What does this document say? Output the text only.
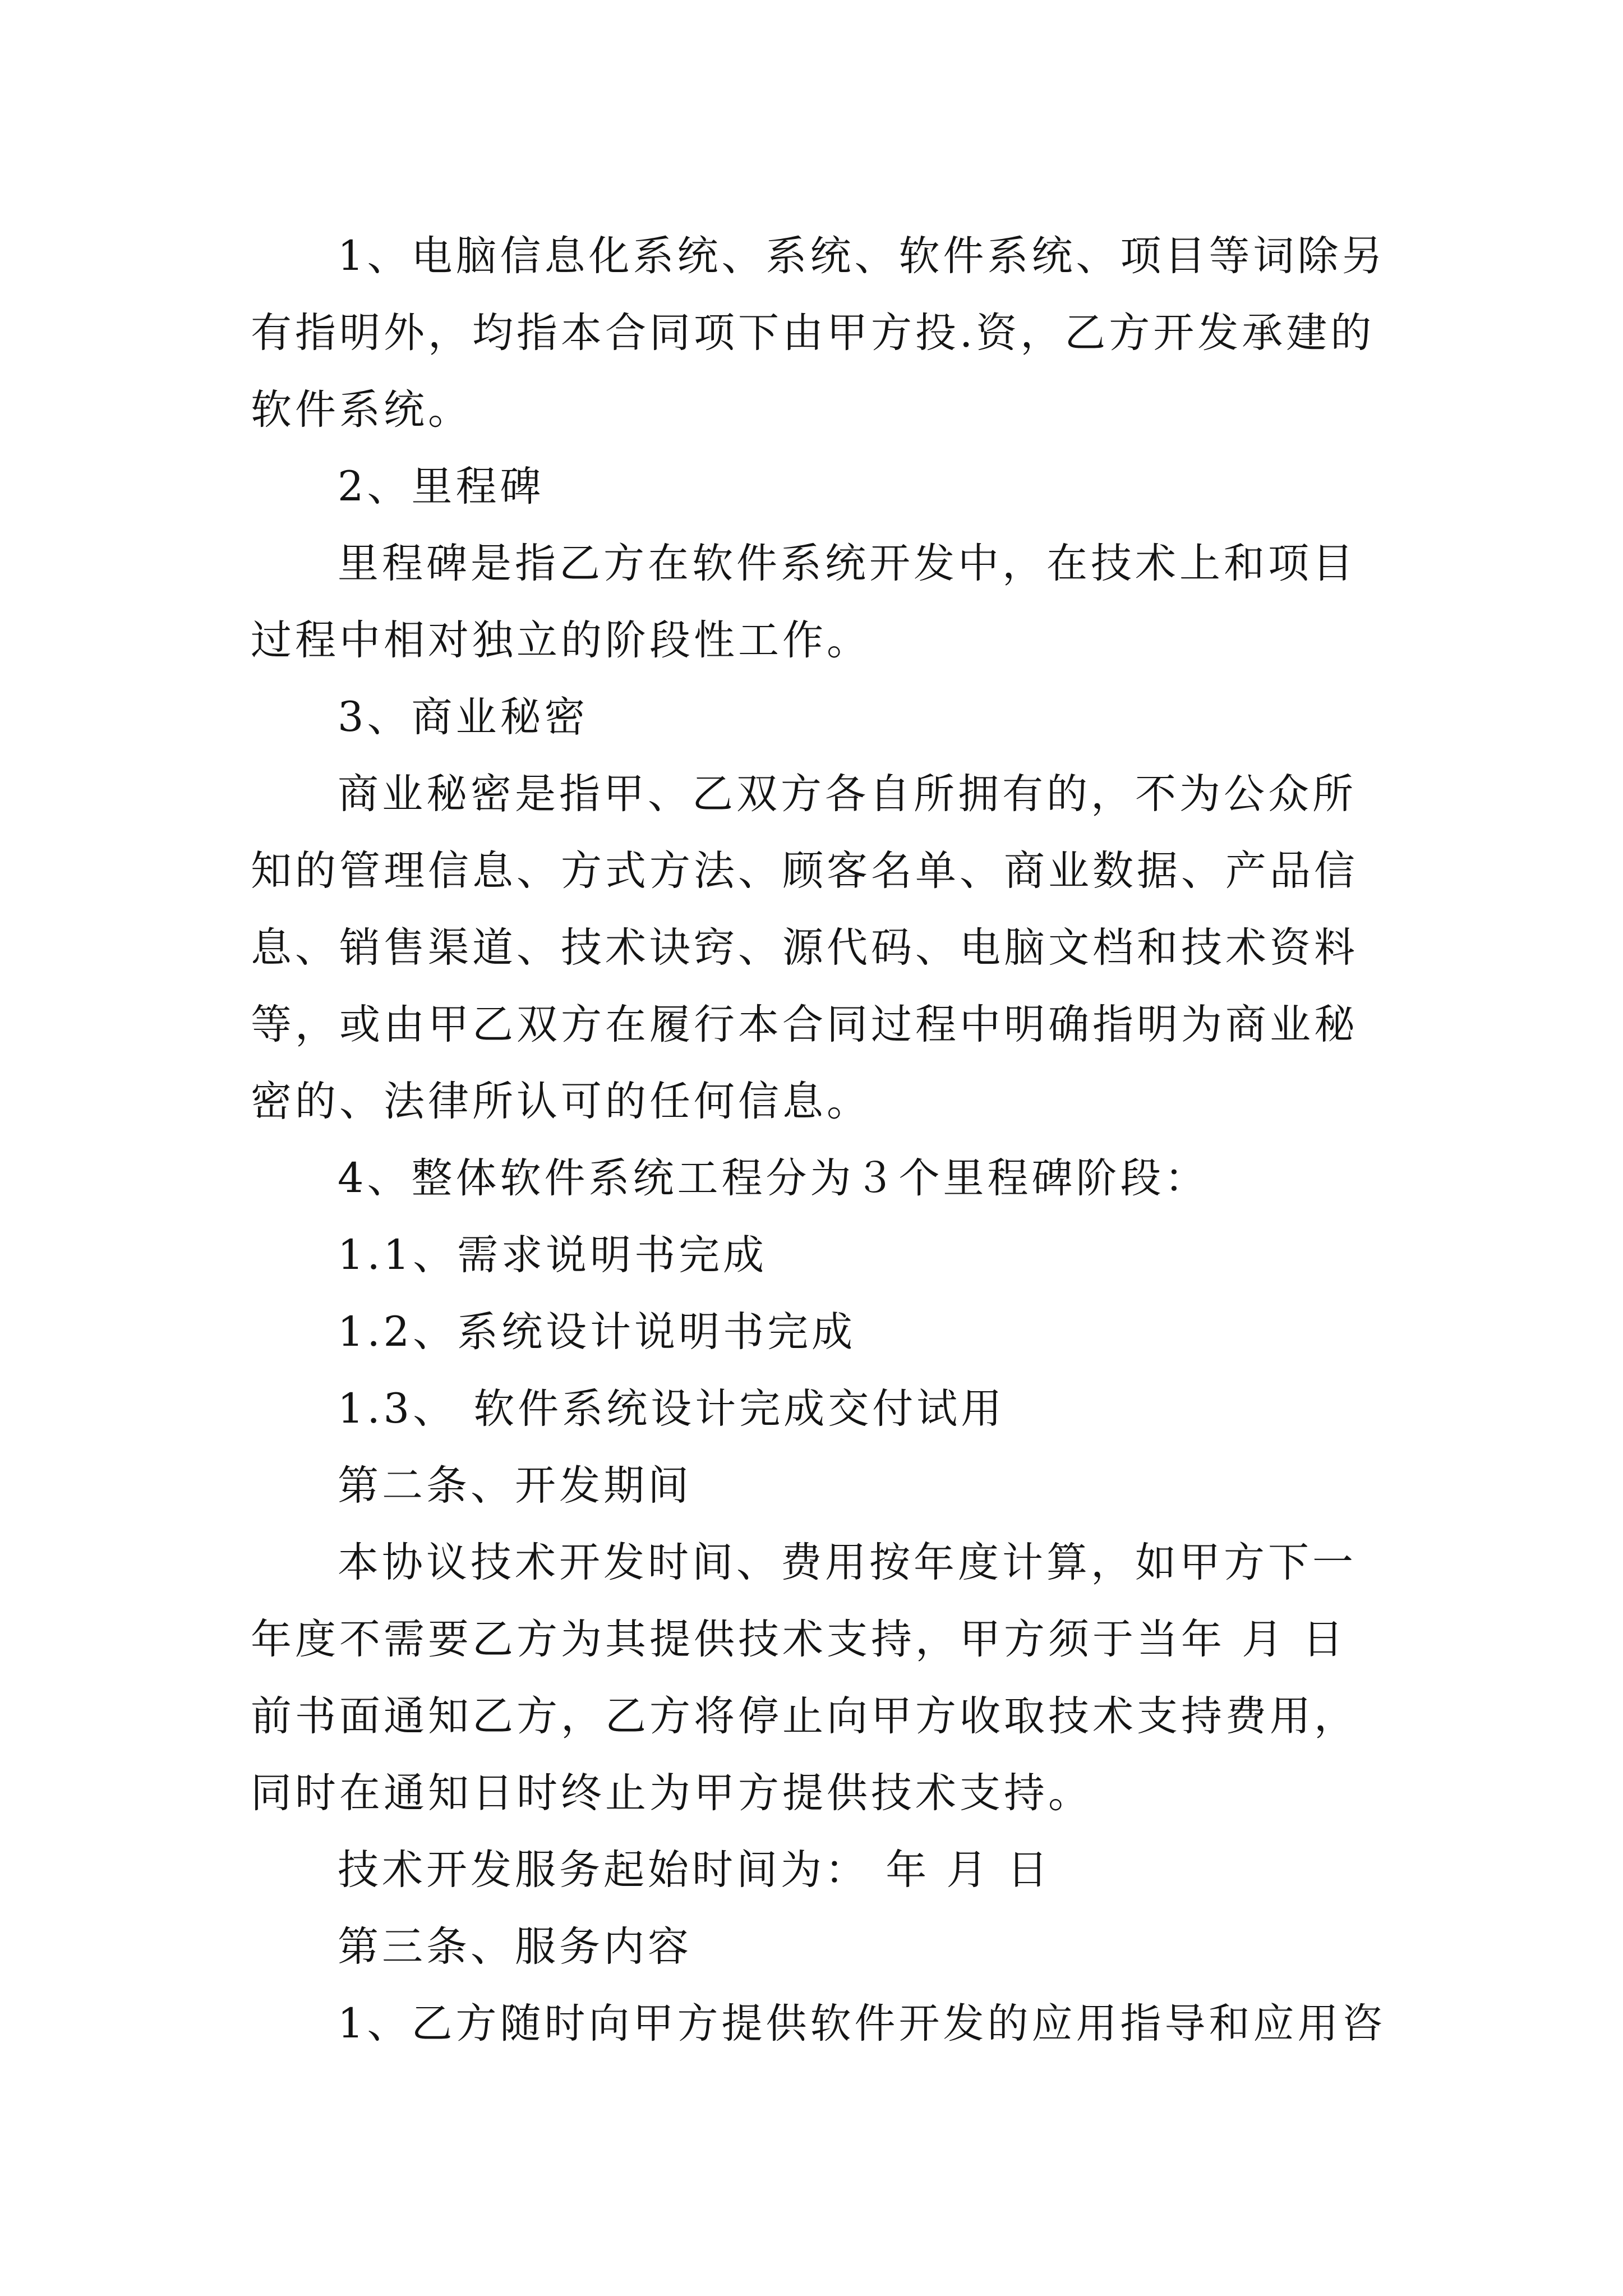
1、电脑信息化系统、系统、软件系统、项目等词除另有指明外，均指本合同项下由甲方投.资，乙方开发承建的软件系统。

2、里程碑

里程碑是指乙方在软件系统开发中，在技术上和项目过程中相对独立的阶段性工作。

3、商业秘密

商业秘密是指甲、乙双方各自所拥有的，不为公众所知的管理信息、方式方法、顾客名单、商业数据、产品信息、销售渠道、技术诀窍、源代码、电脑文档和技术资料等，或由甲乙双方在履行本合同过程中明确指明为商业秘密的、法律所认可的任何信息。

4、整体软件系统工程分为３个里程碑阶段：

1.1、需求说明书完成

1.2、系统设计说明书完成

1.3、 软件系统设计完成交付试用

第二条、开发期间

本协议技术开发时间、费用按年度计算，如甲方下一年度不需要乙方为其提供技术支持，甲方须于当年 月 日前书面通知乙方，乙方将停止向甲方收取技术支持费用，同时在通知日时终止为甲方提供技术支持。

技术开发服务起始时间为： 年 月 日

第三条、服务内容

1、乙方随时向甲方提供软件开发的应用指导和应用咨
